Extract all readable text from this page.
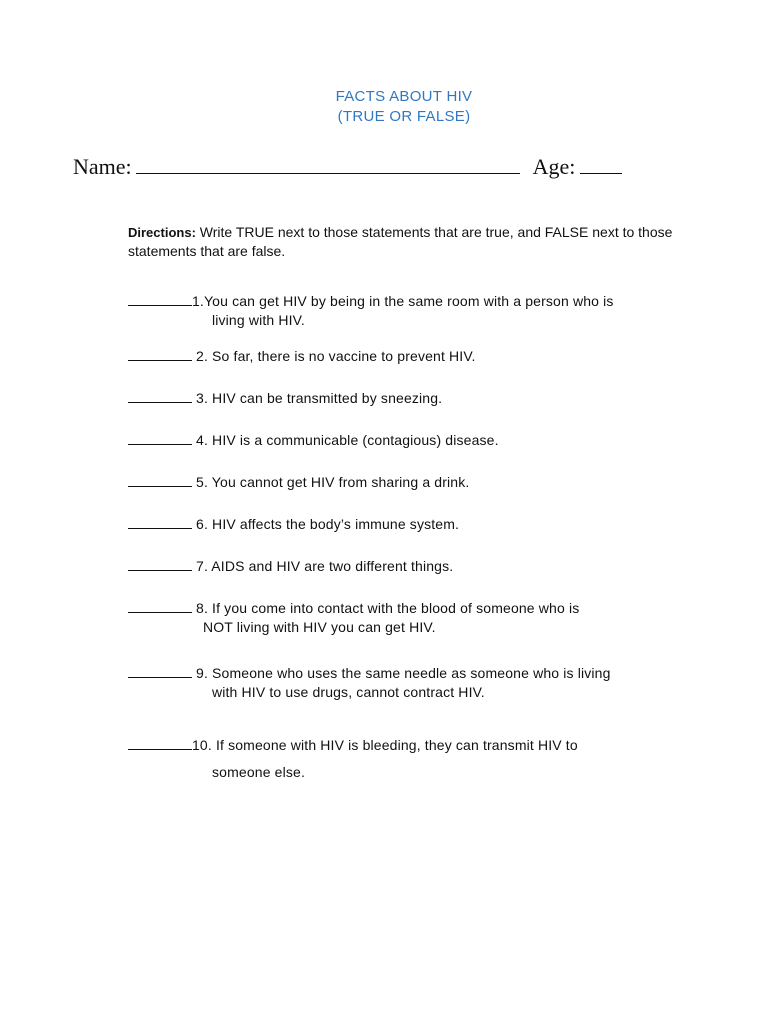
FACTS ABOUT HIV
(TRUE OR FALSE)
Name:	Age:
Directions: Write TRUE next to those statements that are true, and FALSE next to those statements that are false.
1.You can get HIV by being in the same room with a person who is
living with HIV.
2. So far, there is no vaccine to prevent HIV.
3. HIV can be transmitted by sneezing.
4. HIV is a communicable (contagious) disease.
5. You cannot get HIV from sharing a drink.
6. HIV affects the body’s immune system.
7. AIDS and HIV are two different things.
8. If you come into contact with the blood of someone who is
NOT living with HIV you can get HIV.
9. Someone who uses the same needle as someone who is living
with HIV to use drugs, cannot contract HIV.
10. If someone with HIV is bleeding, they can transmit HIV to
someone else.
